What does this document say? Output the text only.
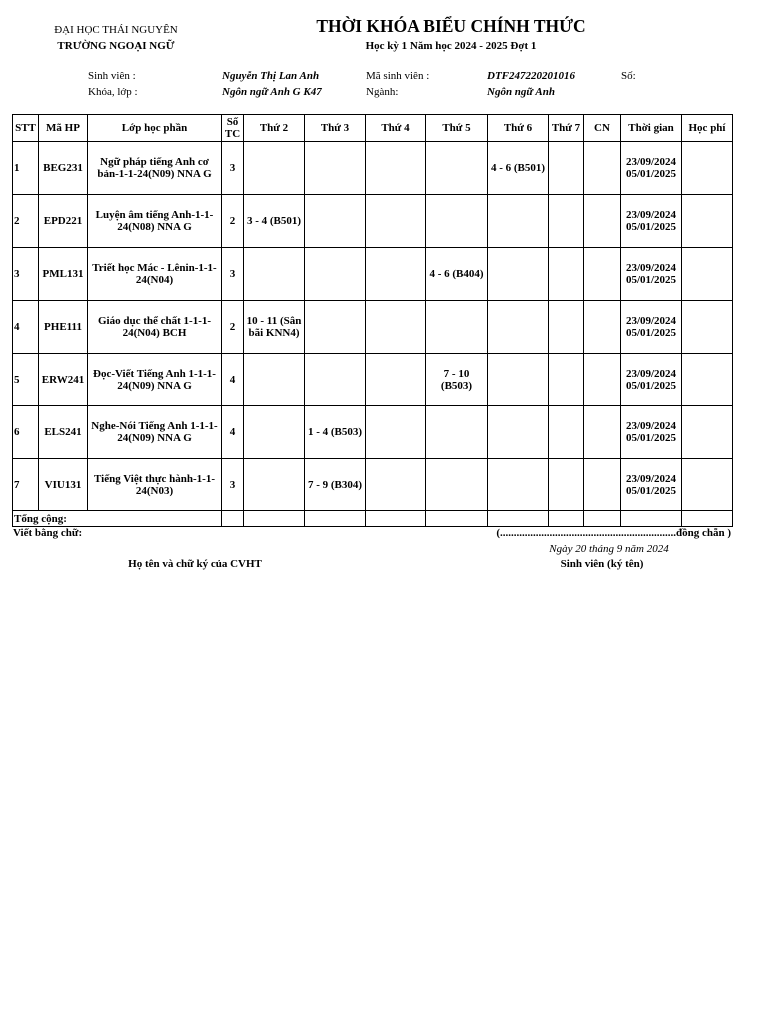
ĐẠI HỌC THÁI NGUYÊN
TRƯỜNG NGOẠI NGỮ
THỜI KHÓA BIỂU CHÍNH THỨC
Học kỳ 1 Năm học 2024 - 2025 Đợt 1
Sinh viên :	Nguyễn Thị Lan Anh	Mã sinh viên :	DTF247220201016	Số:
Khóa, lớp :	Ngôn ngữ Anh G K47	Ngành:	Ngôn ngữ Anh
STT	Mã HP	Lớp học phần	Số TC	Thứ 2	Thứ 3	Thứ 4	Thứ 5	Thứ 6	Thứ 7	CN	Thời gian	Học phí
1	BEG231	Ngữ pháp tiếng Anh cơ bản-1-1-24(N09) NNA G	3					4 - 6 (B501)			23/09/2024
05/01/2025	
2	EPD221	Luyện âm tiếng Anh-1-1-24(N08) NNA G	2	3 - 4 (B501)							23/09/2024
05/01/2025	
3	PML131	Triết học Mác - Lênin-1-1-24(N04)	3				4 - 6 (B404)				23/09/2024
05/01/2025	
4	PHE111	Giáo dục thể chất 1-1-1-24(N04) BCH	2	10 - 11 (Sân bãi KNN4)							23/09/2024
05/01/2025	
5	ERW241	Đọc-Viết Tiếng Anh 1-1-1-24(N09) NNA G	4				7 - 10 (B503)				23/09/2024
05/01/2025	
6	ELS241	Nghe-Nói Tiếng Anh 1-1-1-24(N09) NNA G	4		1 - 4 (B503)						23/09/2024
05/01/2025	
7	VIU131	Tiếng Việt thực hành-1-1-24(N03)	3		7 - 9 (B304)						23/09/2024
05/01/2025	
Tổng cộng:												
Viết bằng chữ:	(................................................................đồng chẵn )
Ngày 20 tháng 9 năm 2024
Họ tên và chữ ký của CVHT	Sinh viên (ký tên)
